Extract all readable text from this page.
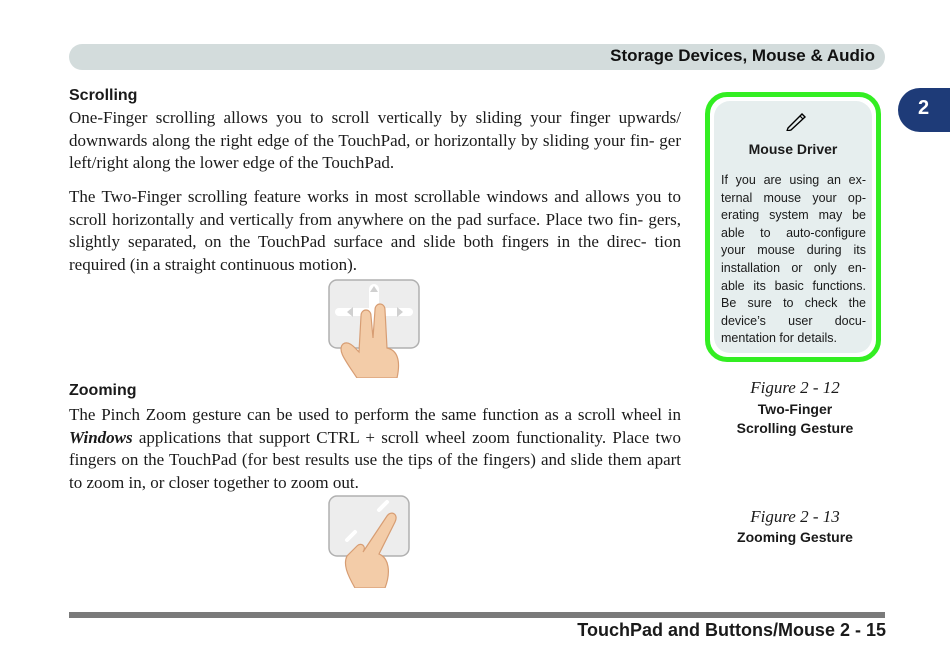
Storage Devices, Mouse & Audio
2
Scrolling

One-Finger scrolling allows you to scroll vertically by sliding your finger upwards/ downwards along the right edge of the TouchPad, or horizontally by sliding your fin- ger left/right along the lower edge of the TouchPad.

The Two-Finger scrolling feature works in most scrollable windows and allows you to scroll horizontally and vertically from anywhere on the pad surface. Place two fin- gers, slightly separated, on the TouchPad surface and slide both fingers in the direc- tion required (in a straight continuous motion).

Zooming

The Pinch Zoom gesture can be used to perform the same function as a scroll wheel in Windows applications that support CTRL + scroll wheel zoom functionality. Place two fingers on the TouchPad (for best results use the tips of the fingers) and slide them apart to zoom in, or closer together to zoom out.

Mouse Driver

If you are using an ex- ternal mouse your op- erating system may be able to auto-configure your mouse during its installation or only en- able its basic functions. Be sure to check the device’s user docu- mentation for details.

Figure 2 - 12
Two-Finger
Scrolling Gesture
Figure 2 - 13
Zooming Gesture
TouchPad and Buttons/Mouse 2 - 15
